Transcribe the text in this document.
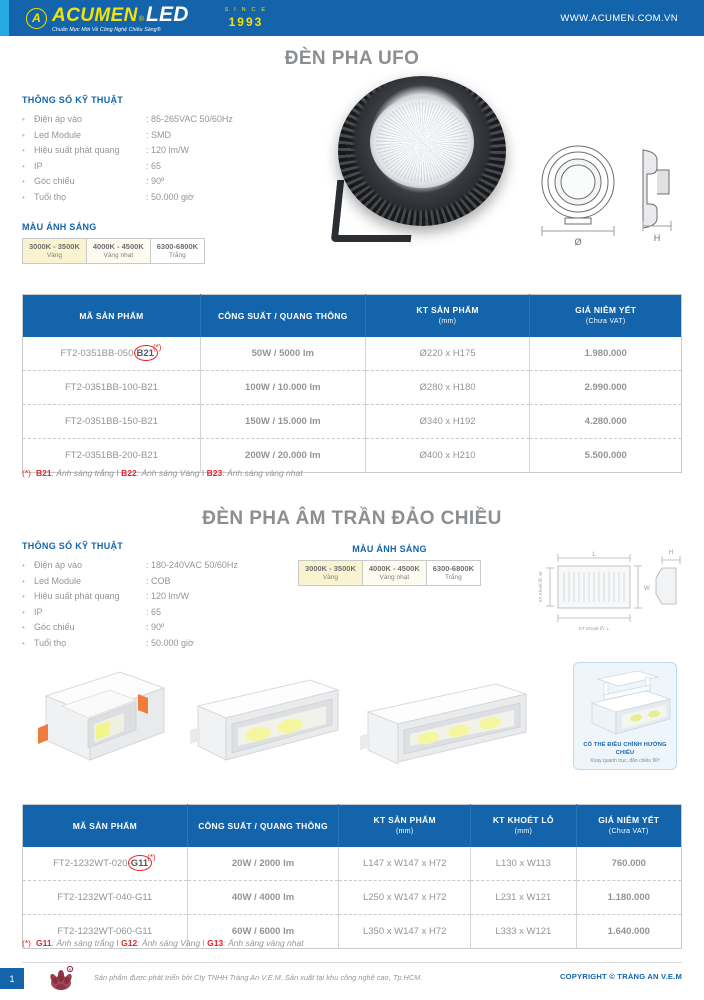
A ACUMEN ® LED
Chuẩn Mực Mới Về Công Nghệ Chiếu Sáng®
S I N C E
1993	WWW.ACUMEN.COM.VN
ĐÈN PHA UFO
THÔNG SỐ KỸ THUẬT
•	Điện áp vào	: 85-265VAC 50/60Hz
•	Led Module	: SMD
•	Hiệu suất phát quang	: 120 lm/W
•	IP	: 65
•	Góc chiếu	: 90º
•	Tuổi thọ	: 50.000 giờ
MÀU ÁNH SÁNG
3000K - 3500K
Vàng
4000K - 4500K
Vàng nhạt
6300-6800K
Trắng
Ø	H
MÃ SẢN PHẨM	CÔNG SUẤT / QUANG THÔNG	KT SẢN PHẨM
(mm)	GIÁ NIÊM YẾT
(Chưa VAT)

FT2-0351BB-050-B21(*)	50W / 5000 lm	Ø220 x H175	1.980.000
FT2-0351BB-100-B21	100W / 10.000 lm	Ø280 x H180	2.990.000
FT2-0351BB-150-B21	150W / 15.000 lm	Ø340 x H192	4.280.000
FT2-0351BB-200-B21	200W / 20.000 lm	Ø400 x H210	5.500.000
(*) B21: Ánh sáng trắng I B22: Ánh sáng Vàng I B23: Ánh sáng vàng nhạt
ĐÈN PHA ÂM TRẦN ĐẢO CHIỀU
THÔNG SỐ KỸ THUẬT
•	Điện áp vào	: 180-240VAC 50/60Hz
•	Led Module	: COB
•	Hiệu suất phát quang	: 120 lm/W
•	IP	: 65
•	Góc chiếu	: 90º
•	Tuổi thọ	: 50.000 giờ
MÀU ÁNH SÁNG
3000K - 3500K
Vàng
4000K - 4500K
Vàng nhạt
6300-6800K
Trắng
L
W
KT Khoét lỗ: W
KT Khoét lỗ: L
H
CÓ THỂ ĐIỀU CHỈNH HƯỚNG CHIẾU
Xoay quanh trục, đảo chiều 90º
MÃ SẢN PHẨM	CÔNG SUẤT / QUANG THÔNG	KT SẢN PHẨM
(mm)	KT KHOÉT LỖ
(mm)	GIÁ NIÊM YẾT
(Chưa VAT)

FT2-1232WT-020-G11(*)	20W / 2000 lm	L147 x W147 x H72	L130 x W113	760.000
FT2-1232WT-040-G11	40W / 4000 lm	L250 x W147 x H72	L231 x W121	1.180.000
FT2-1232WT-060-G11	60W / 6000 lm	L350 x W147 x H72	L333 x W121	1.640.000
(*) G11: Ánh sáng trắng I G12: Ánh sáng Vàng I G13: Ánh sáng vàng nhạt
1
R
Sản phẩm được phát triển bởi Cty TNHH Tràng An V.E.M. Sản xuất tại khu công nghệ cao, Tp.HCM.	COPYRIGHT © TRÀNG AN V.E.M
